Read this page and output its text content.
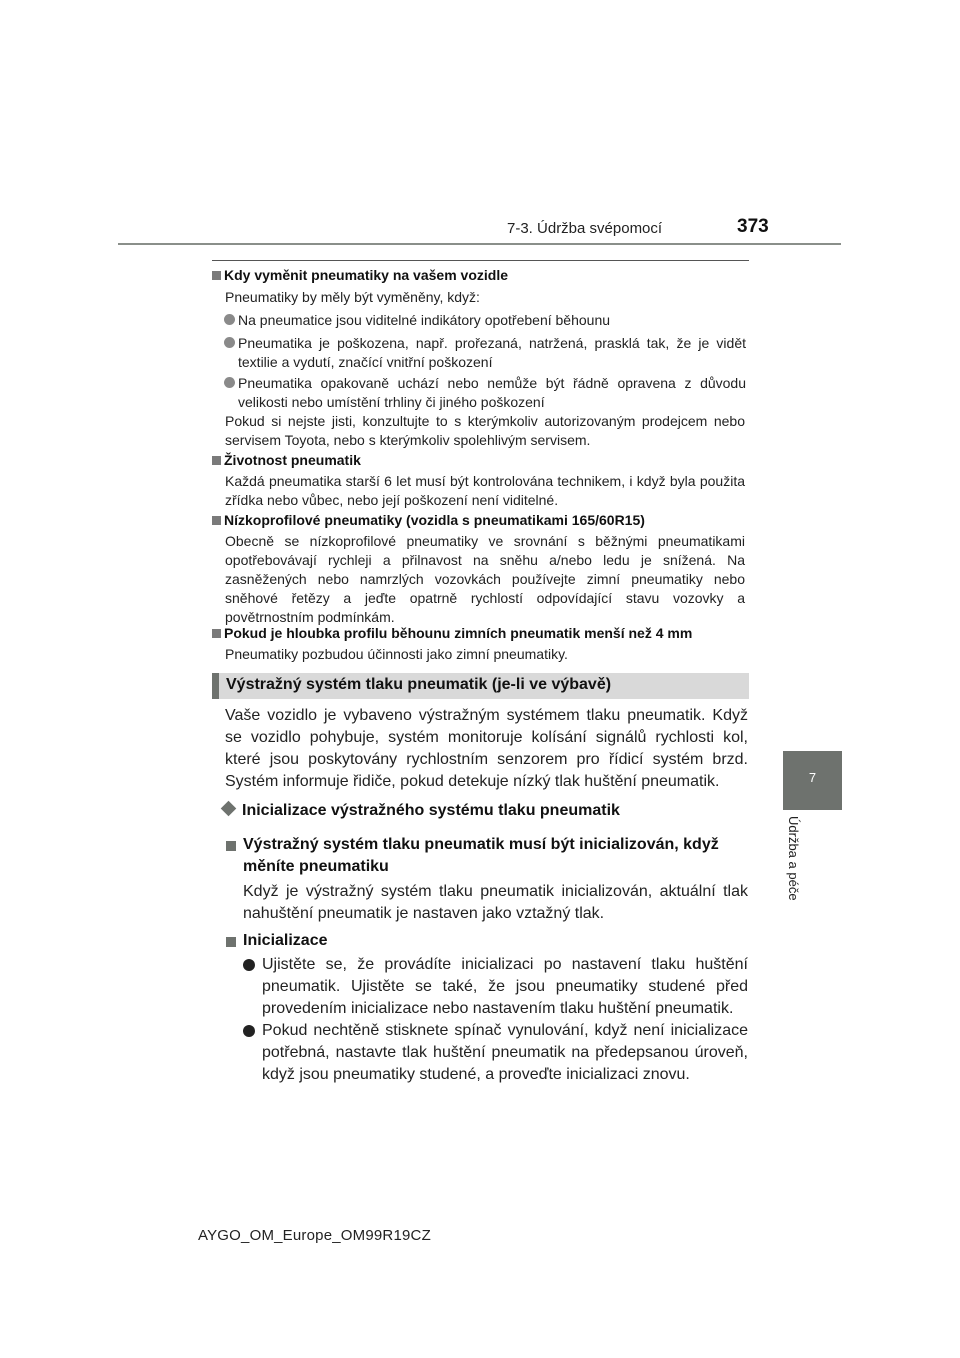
7-3. Údržba svépomocí	373
7
Údržba a péče
Kdy vyměnit pneumatiky na vašem vozidle
Pneumatiky by měly být vyměněny, když:
Na pneumatice jsou viditelné indikátory opotřebení běhounu
Pneumatika je poškozena, např. prořezaná, natržená, prasklá tak, že je vidět textilie a vydutí, značící vnitřní poškození
Pneumatika opakovaně uchází nebo nemůže být řádně opravena z důvodu velikosti nebo umístění trhliny či jiného poškození
Pokud si nejste jisti, konzultujte to s kterýmkoliv autorizovaným prodejcem nebo servisem Toyota, nebo s kterýmkoliv spolehlivým servisem.
Životnost pneumatik
Každá pneumatika starší 6 let musí být kontrolována technikem, i když byla použita zřídka nebo vůbec, nebo její poškození není viditelné.
Nízkoprofilové pneumatiky (vozidla s pneumatikami 165/60R15)
Obecně se nízkoprofilové pneumatiky ve srovnání s běžnými pneumatikami opotřebovávají rychleji a přilnavost na sněhu a/nebo ledu je snížená. Na zasněžených nebo namrzlých vozovkách používejte zimní pneumatiky nebo sněhové řetězy a jeďte opatrně rychlostí odpovídající stavu vozovky a povětrnostním podmínkám.
Pokud je hloubka profilu běhounu zimních pneumatik menší než 4 mm
Pneumatiky pozbudou účinnosti jako zimní pneumatiky.
Výstražný systém tlaku pneumatik (je-li ve výbavě)
Vaše vozidlo je vybaveno výstražným systémem tlaku pneumatik. Když se vozidlo pohybuje, systém monitoruje kolísání signálů rychlosti kol, které jsou poskytovány rychlostním senzorem pro řídicí systém brzd. Systém informuje řidiče, pokud detekuje nízký tlak huštění pneumatik.
Inicializace výstražného systému tlaku pneumatik
Výstražný systém tlaku pneumatik musí být inicializován, když měníte pneumatiku
Když je výstražný systém tlaku pneumatik inicializován, aktuální tlak nahuštění pneumatik je nastaven jako vztažný tlak.
Inicializace
Ujistěte se, že provádíte inicializaci po nastavení tlaku huštění pneumatik. Ujistěte se také, že jsou pneumatiky studené před provedením inicializace nebo nastavením tlaku huštění pneumatik.
Pokud nechtěně stisknete spínač vynulování, když není inicializace potřebná, nastavte tlak huštění pneumatik na předepsanou úroveň, když jsou pneumatiky studené, a proveďte inicializaci znovu.
AYGO_OM_Europe_OM99R19CZ
